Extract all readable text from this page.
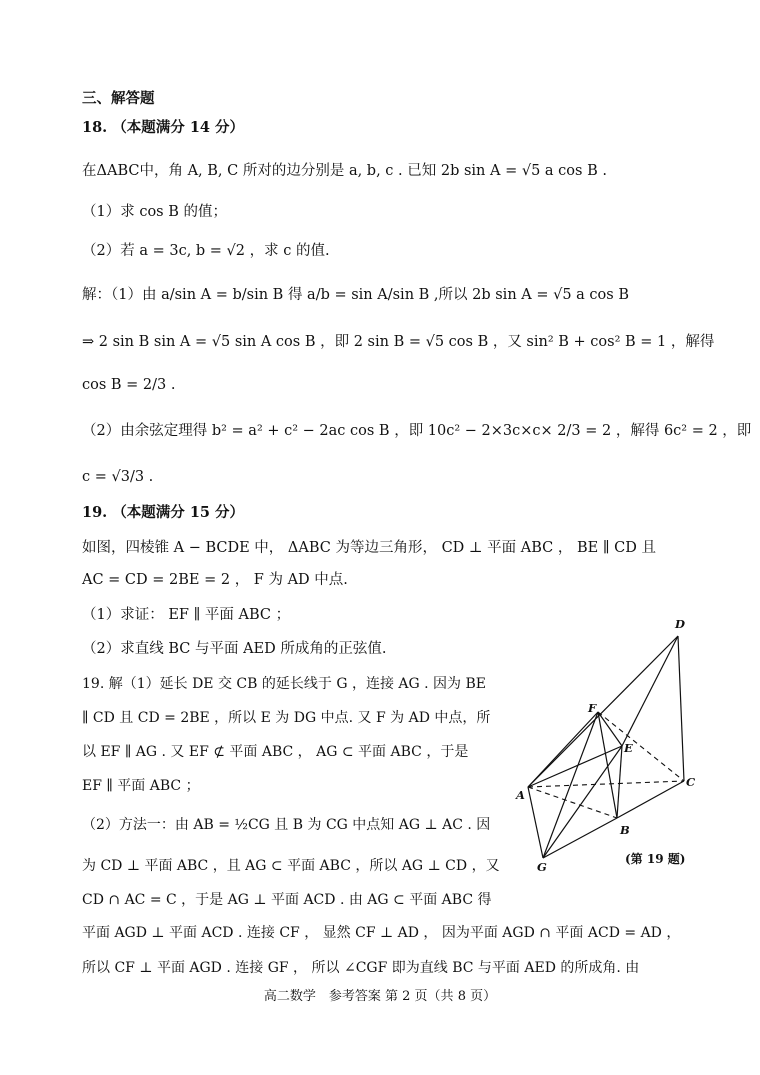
三、解答题
18. （本题满分 14 分）
在ΔABC中，角 A, B, C 所对的边分别是 a, b, c . 已知 2b sin A = √5 a cos B .
（1）求 cos B 的值；
（2）若 a = 3c, b = √2 ，求 c 的值.
解：（1）由 a/sin A = b/sin B 得 a/b = sin A/sin B ,所以 2b sin A = √5 a cos B
⇒ 2 sin B sin A = √5 sin A cos B ，即 2 sin B = √5 cos B ，又 sin² B + cos² B = 1 ，解得
cos B = 2/3 .
（2）由余弦定理得 b² = a² + c² − 2ac cos B ，即 10c² − 2×3c×c× 2/3 = 2 ，解得 6c² = 2 ，即
c = √3/3 .
19. （本题满分 15 分）
如图，四棱锥 A − BCDE 中， ΔABC 为等边三角形， CD ⊥ 平面 ABC ， BE ∥ CD 且
AC = CD = 2BE = 2 ， F 为 AD 中点.
（1）求证： EF ∥ 平面 ABC ；
（2）求直线 BC 与平面 AED 所成角的正弦值.
19. 解（1）延长 DE 交 CB 的延长线于 G ，连接 AG . 因为 BE
∥ CD 且 CD = 2BE ，所以 E 为 DG 中点. 又 F 为 AD 中点，所
以 EF ∥ AG . 又 EF ⊄ 平面 ABC ， AG ⊂ 平面 ABC ，于是
EF ∥ 平面 ABC ；
（2）方法一：由 AB = ½CG 且 B 为 CG 中点知 AG ⊥ AC . 因
为 CD ⊥ 平面 ABC ，且 AG ⊂ 平面 ABC ，所以 AG ⊥ CD ，又
CD ∩ AC = C ，于是 AG ⊥ 平面 ACD . 由 AG ⊂ 平面 ABC 得
平面 AGD ⊥ 平面 ACD . 连接 CF ， 显然 CF ⊥ AD ， 因为平面 AGD ∩ 平面 ACD = AD ，
所以 CF ⊥ 平面 AGD . 连接 GF ， 所以 ∠CGF 即为直线 BC 与平面 AED 的所成角. 由
D
F
E
C
A
B
G
(第 19 题)
高二数学　参考答案 第 2 页（共 8 页）
